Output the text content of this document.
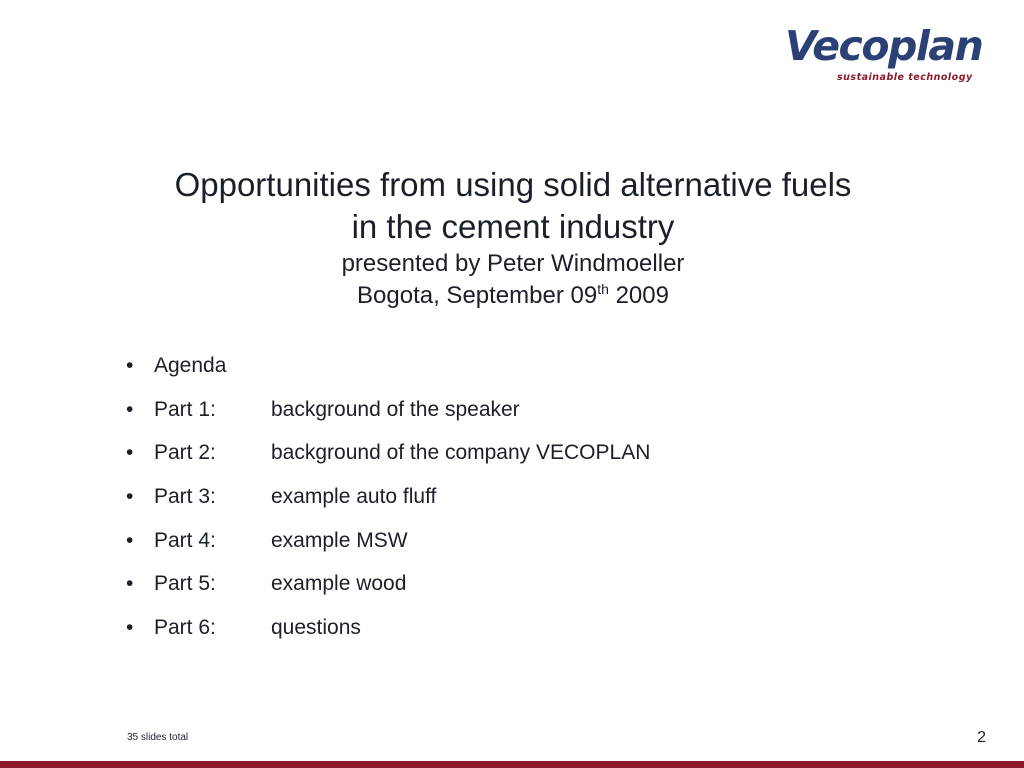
Vecoplan
sustainable technology
Opportunities from using solid alternative fuels
in the cement industry
presented by Peter Windmoeller
Bogota, September 09th 2009
• Agenda
• Part 1:	background of the speaker
• Part 2:	background of the company VECOPLAN
• Part 3:	example auto fluff
• Part 4:	example MSW
• Part 5:	example wood
• Part 6:	questions
35 slides total	2
